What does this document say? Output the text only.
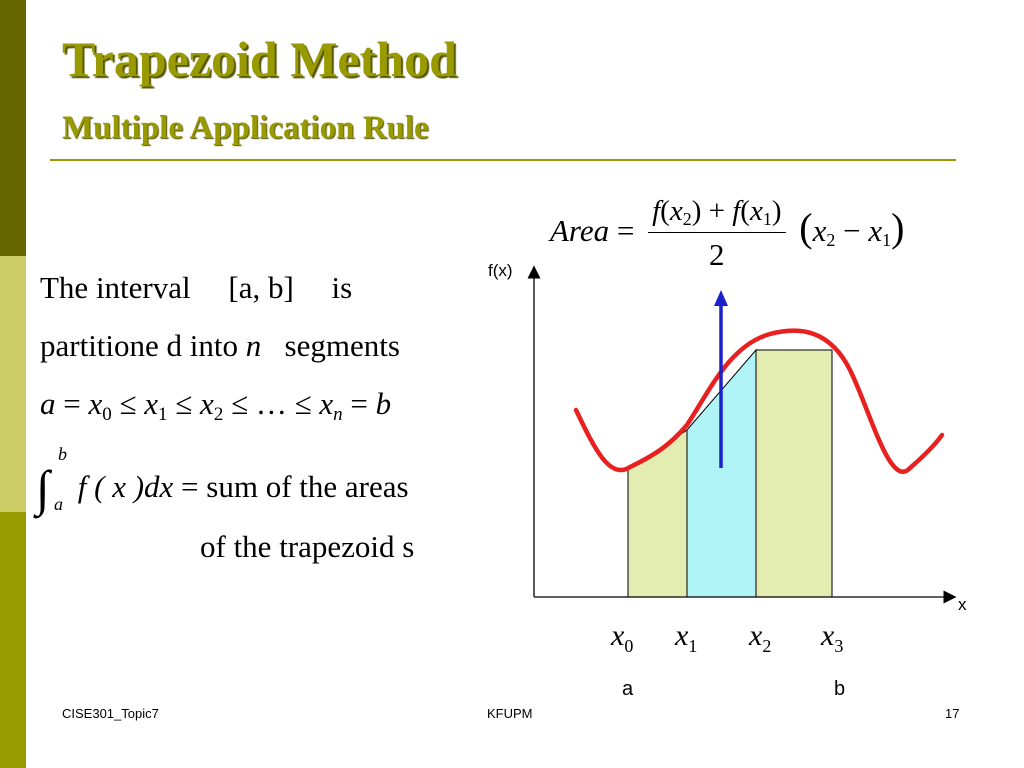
Trapezoid Method
Multiple Application Rule
The interval [a, b] is
partitione d into n segments
$a = x_0 \le x_1 \le x_2$ ≤ … ≤ $x_n = b$
∫
b
a f ( x )dx = sum of the areas
of the trapezoid s
Area = $\frac{f(x_2) + f(x_1)}{2} (x_2 - x_1)$
f(x)
x
$x_0$ $x_1$ $x_2$ $x_3$
a	b
CISE301_Topic7	KFUPM	17
